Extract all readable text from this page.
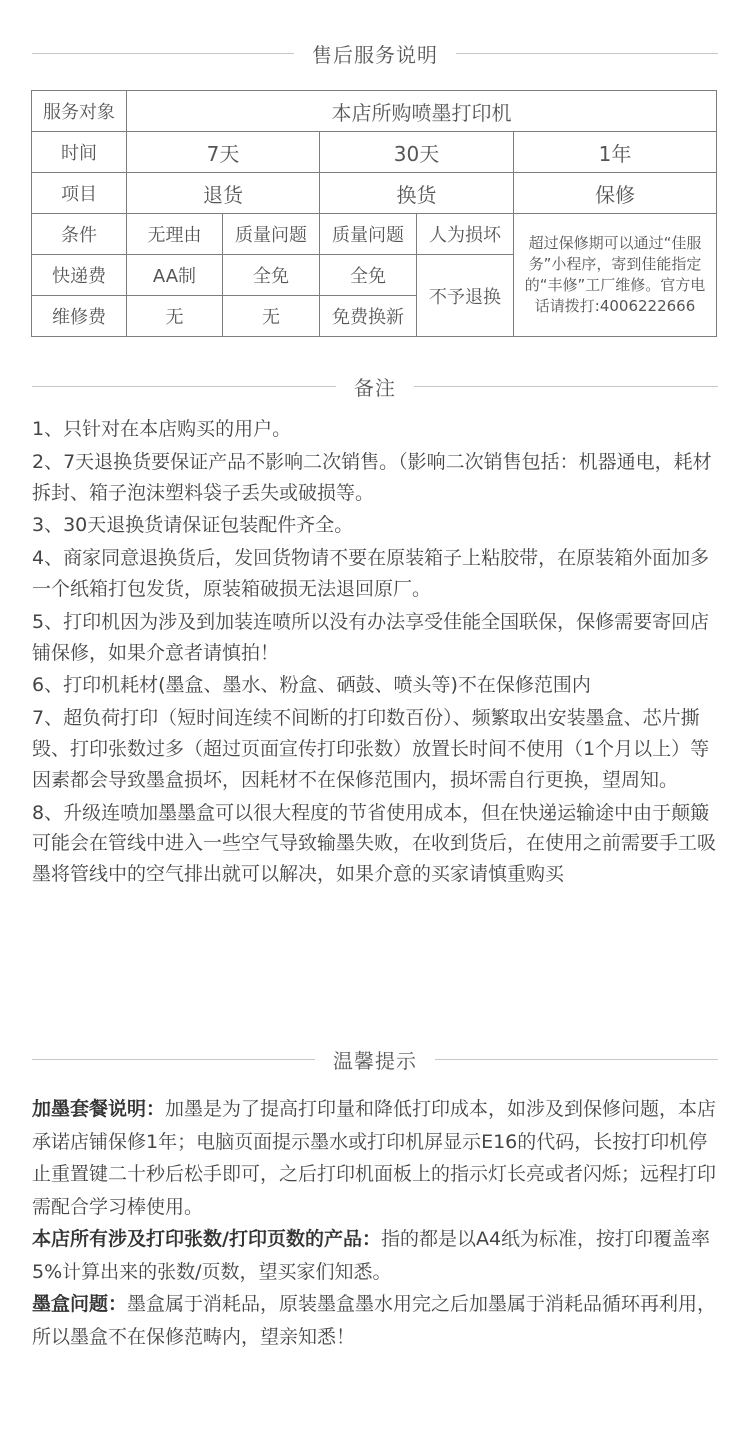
售后服务说明
服务对象	本店所购喷墨打印机				
时间	7天		30天		1年
项目	退货		换货		保修
条件	无理由	质量问题	质量问题	人为损坏	超过保修期可以通过“佳服务”小程序，寄到佳能指定的“丰修”工厂维修。官方电话请拨打:4006222666
快递费	AA制	全免	全免	不予退换	
维修费	无	无	免费换新		
备注

1、只针对在本店购买的用户。

2、7天退换货要保证产品不影响二次销售。（影响二次销售包括：机器通电，耗材拆封、箱子泡沫塑料袋子丢失或破损等。

3、30天退换货请保证包装配件齐全。

4、商家同意退换货后，发回货物请不要在原装箱子上粘胶带，在原装箱外面加多一个纸箱打包发货，原装箱破损无法退回原厂。

5、打印机因为涉及到加装连喷所以没有办法享受佳能全国联保，保修需要寄回店铺保修，如果介意者请慎拍！

6、打印机耗材(墨盒、墨水、粉盒、硒鼓、喷头等)不在保修范围内

7、超负荷打印（短时间连续不间断的打印数百份）、频繁取出安装墨盒、芯片撕毁、打印张数过多（超过页面宣传打印张数）放置长时间不使用（1个月以上）等因素都会导致墨盒损坏，因耗材不在保修范围内，损坏需自行更换，望周知。

8、升级连喷加墨墨盒可以很大程度的节省使用成本，但在快递运输途中由于颠簸可能会在管线中进入一些空气导致输墨失败，在收到货后，在使用之前需要手工吸墨将管线中的空气排出就可以解决，如果介意的买家请慎重购买

温馨提示

加墨套餐说明：加墨是为了提高打印量和降低打印成本，如涉及到保修问题，本店承诺店铺保修1年；电脑页面提示墨水或打印机屏显示E16的代码，长按打印机停止重置键二十秒后松手即可，之后打印机面板上的指示灯长亮或者闪烁；远程打印需配合学习棒使用。

本店所有涉及打印张数/打印页数的产品：指的都是以A4纸为标准，按打印覆盖率5%计算出来的张数/页数，望买家们知悉。

墨盒问题：墨盒属于消耗品，原装墨盒墨水用完之后加墨属于消耗品循环再利用，所以墨盒不在保修范畴内，望亲知悉！
